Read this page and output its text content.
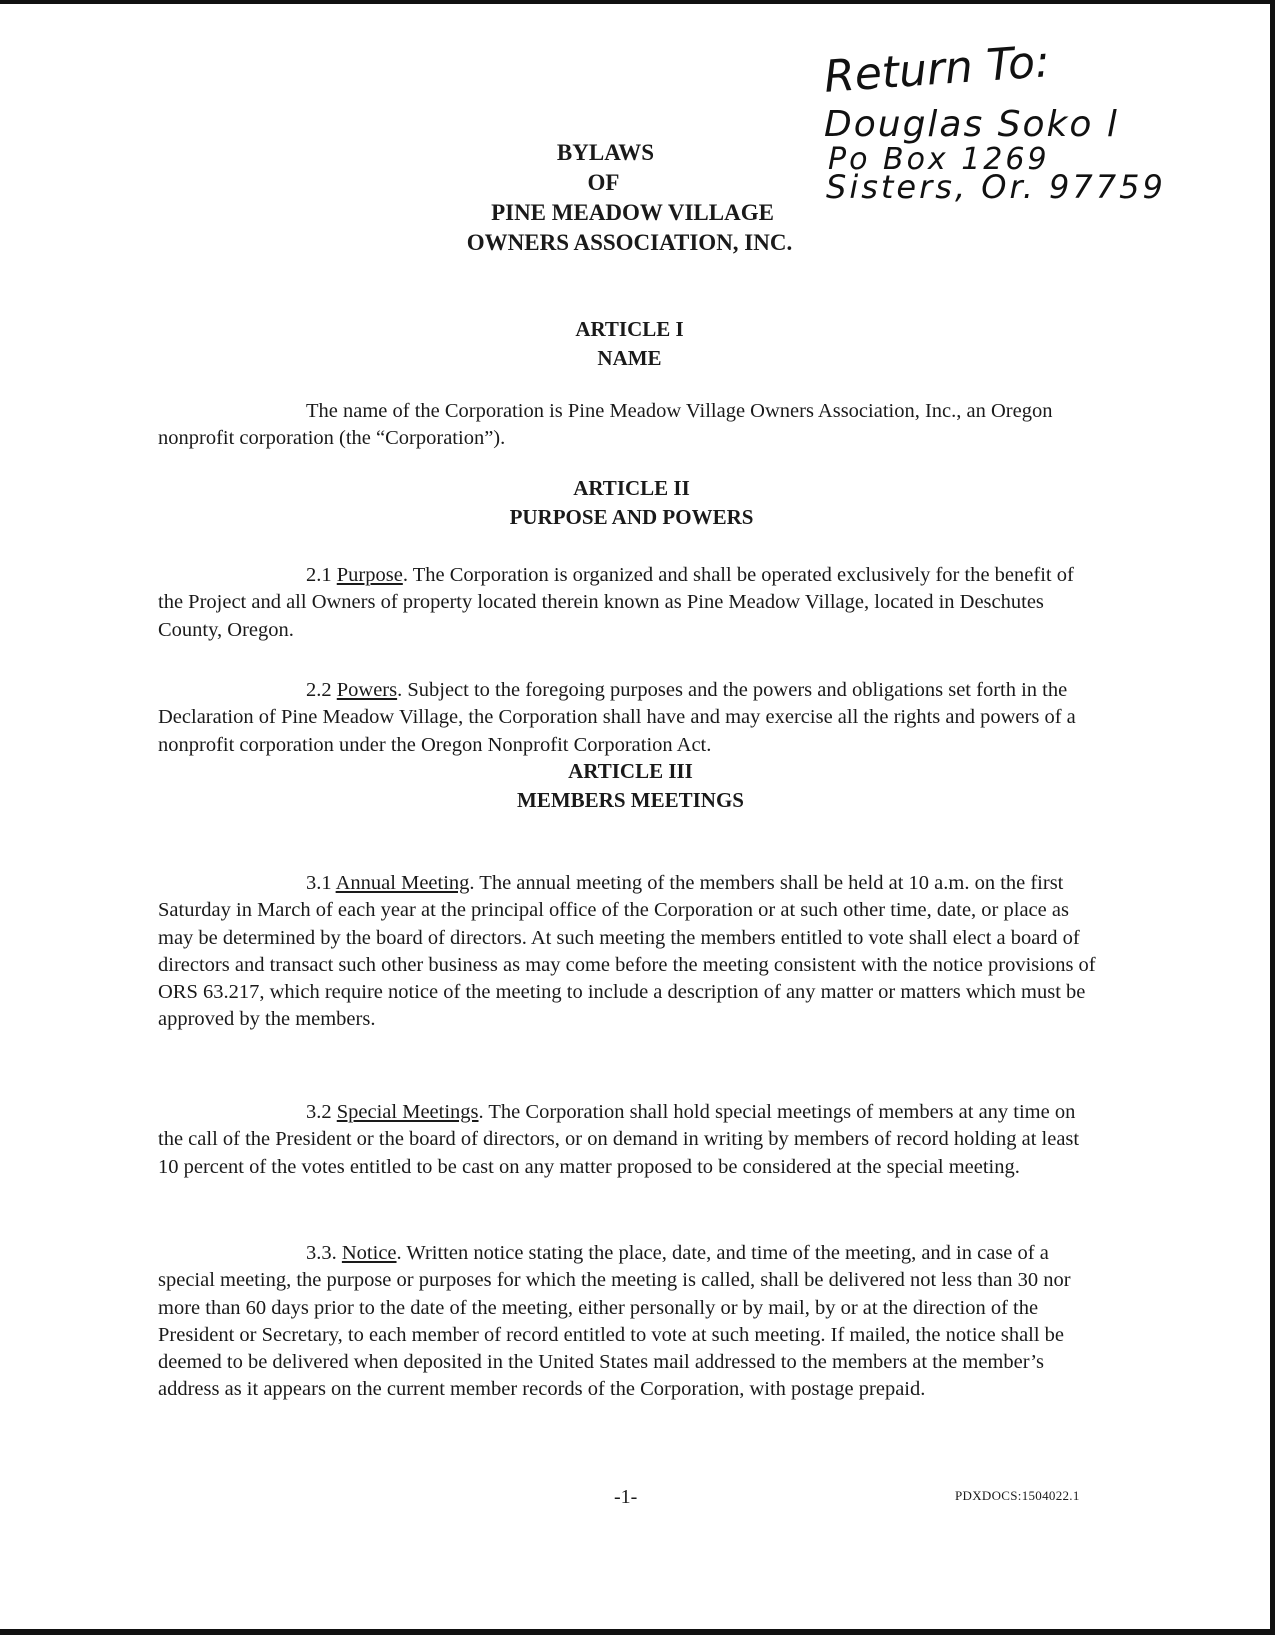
Return To:
Douglas Soko l
Po Box 1269
Sisters, Or. 97759
BYLAWS
OF
PINE MEADOW VILLAGE
OWNERS ASSOCIATION, INC.
ARTICLE I
NAME
The name of the Corporation is Pine Meadow Village Owners Association, Inc., an Oregon nonprofit corporation (the “Corporation”).
ARTICLE II
PURPOSE AND POWERS
2.1 Purpose. The Corporation is organized and shall be operated exclusively for the benefit of the Project and all Owners of property located therein known as Pine Meadow Village, located in Deschutes County, Oregon.
2.2 Powers. Subject to the foregoing purposes and the powers and obligations set forth in the Declaration of Pine Meadow Village, the Corporation shall have and may exercise all the rights and powers of a nonprofit corporation under the Oregon Nonprofit Corporation Act.
ARTICLE III
MEMBERS MEETINGS
3.1 Annual Meeting. The annual meeting of the members shall be held at 10 a.m. on the first Saturday in March of each year at the principal office of the Corporation or at such other time, date, or place as may be determined by the board of directors. At such meeting the members entitled to vote shall elect a board of directors and transact such other business as may come before the meeting consistent with the notice provisions of ORS 63.217, which require notice of the meeting to include a description of any matter or matters which must be approved by the members.
3.2 Special Meetings. The Corporation shall hold special meetings of members at any time on the call of the President or the board of directors, or on demand in writing by members of record holding at least 10 percent of the votes entitled to be cast on any matter proposed to be considered at the special meeting.
3.3. Notice. Written notice stating the place, date, and time of the meeting, and in case of a special meeting, the purpose or purposes for which the meeting is called, shall be delivered not less than 30 nor more than 60 days prior to the date of the meeting, either personally or by mail, by or at the direction of the President or Secretary, to each member of record entitled to vote at such meeting. If mailed, the notice shall be deemed to be delivered when deposited in the United States mail addressed to the members at the member’s address as it appears on the current member records of the Corporation, with postage prepaid.
-1-	PDXDOCS:1504022.1
